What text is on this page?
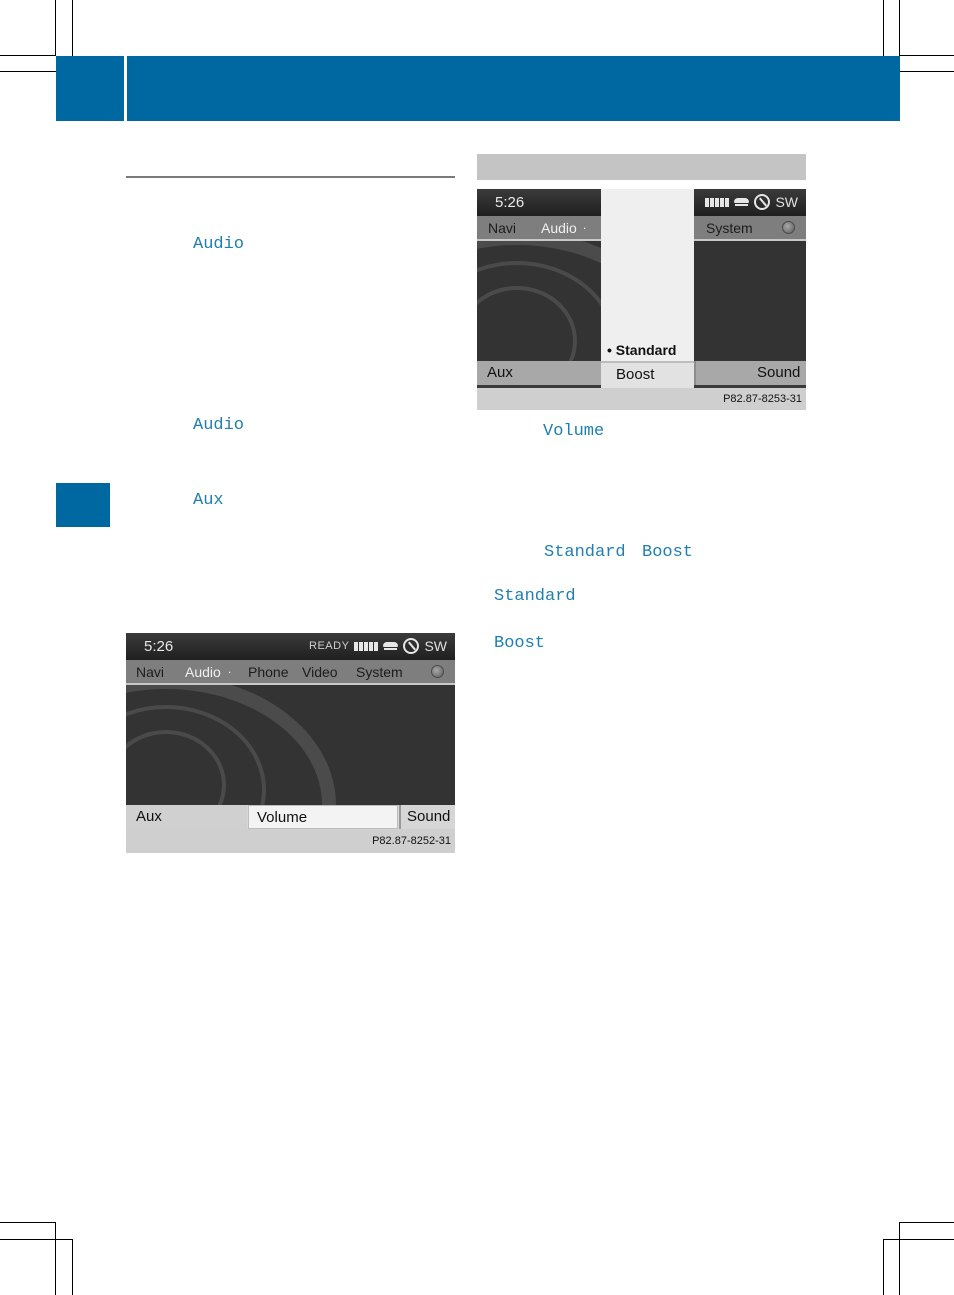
Audio
Audio
Aux
Volume
Standard Boost
Standard
Boost
5:26	READY	SW
Navi Audio . Phone Video System
Aux	Volume	Sound
P82.87-8252-31
5:26	SW
Navi Audio .	System
Aux	Sound
• Standard
Boost
P82.87-8253-31
